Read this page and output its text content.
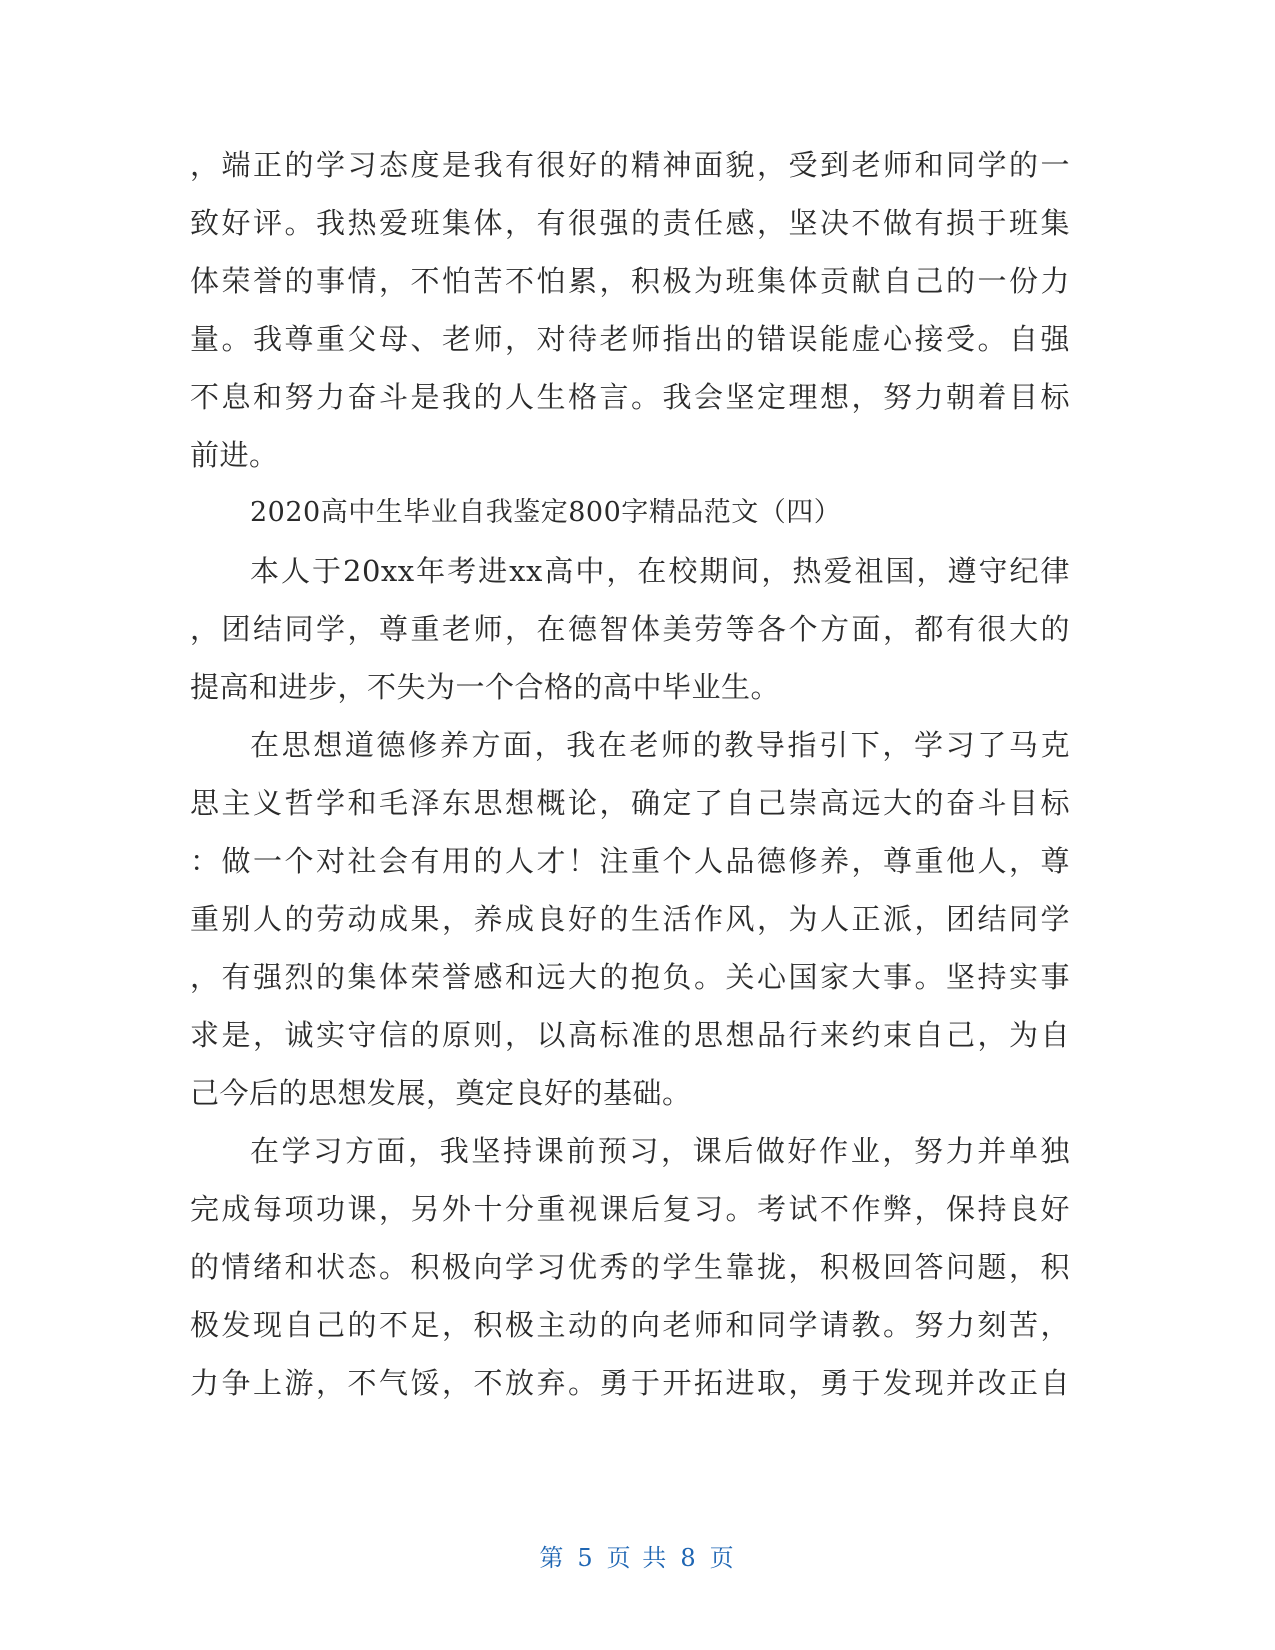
，端正的学习态度是我有很好的精神面貌，受到老师和同学的一
致好评。我热爱班集体，有很强的责任感，坚决不做有损于班集
体荣誉的事情，不怕苦不怕累，积极为班集体贡献自己的一份力
量。我尊重父母、老师，对待老师指出的错误能虚心接受。自强
不息和努力奋斗是我的人生格言。我会坚定理想，努力朝着目标
前进。
2020高中生毕业自我鉴定800字精品范文（四）
本人于20xx年考进xx高中，在校期间，热爱祖国，遵守纪律
，团结同学，尊重老师，在德智体美劳等各个方面，都有很大的
提高和进步，不失为一个合格的高中毕业生。
在思想道德修养方面，我在老师的教导指引下，学习了马克
思主义哲学和毛泽东思想概论，确定了自己崇高远大的奋斗目标
：做一个对社会有用的人才！注重个人品德修养，尊重他人，尊
重别人的劳动成果，养成良好的生活作风，为人正派，团结同学
，有强烈的集体荣誉感和远大的抱负。关心国家大事。坚持实事
求是，诚实守信的原则，以高标准的思想品行来约束自己，为自
己今后的思想发展，奠定良好的基础。
在学习方面，我坚持课前预习，课后做好作业，努力并单独
完成每项功课，另外十分重视课后复习。考试不作弊，保持良好
的情绪和状态。积极向学习优秀的学生靠拢，积极回答问题，积
极发现自己的不足，积极主动的向老师和同学请教。努力刻苦，
力争上游，不气馁，不放弃。勇于开拓进取，勇于发现并改正自
第 5 页 共 8 页
